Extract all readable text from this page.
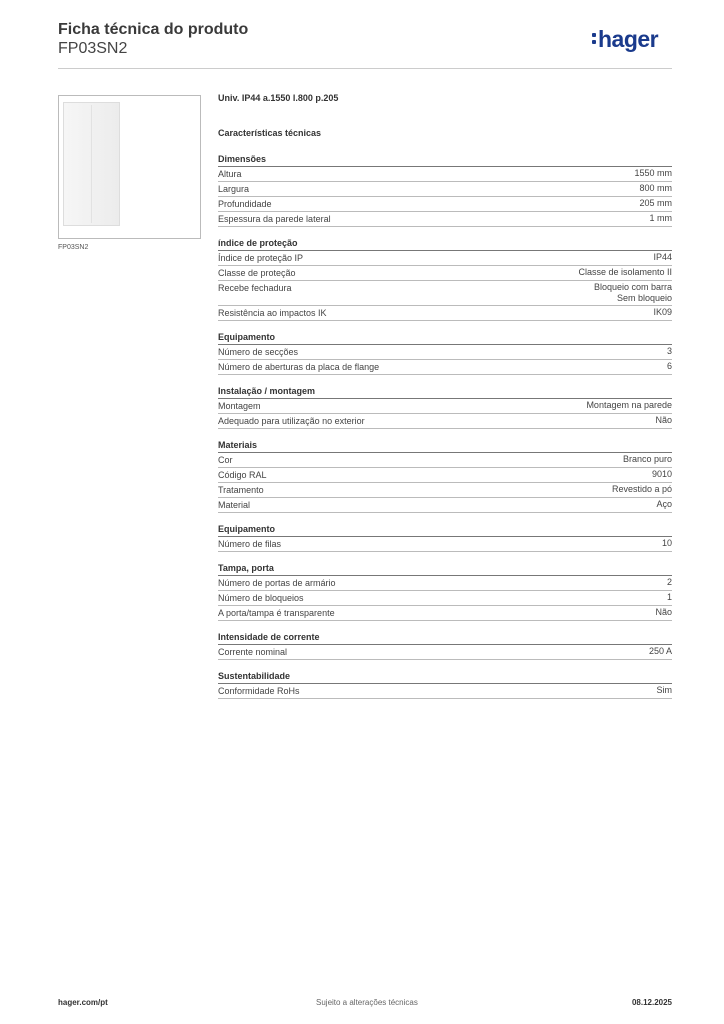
Ficha técnica do produto
FP03SN2	hager
FP03SN2
Univ. IP44 a.1550 l.800 p.205
Características técnicas
Dimensões
Altura	1550 mm
Largura	800 mm
Profundidade	205 mm
Espessura da parede lateral	1 mm
índice de proteção
Índice de proteção IP	IP44
Classe de proteção	Classe de isolamento II
Recebe fechadura	Bloqueio com barra
Sem bloqueio
Resistência ao impactos IK	IK09
Equipamento
Número de secções	3
Número de aberturas da placa de flange	6
Instalação / montagem
Montagem	Montagem na parede
Adequado para utilização no exterior	Não
Materiais
Cor	Branco puro
Código RAL	9010
Tratamento	Revestido a pó
Material	Aço
Equipamento
Número de filas	10
Tampa, porta
Número de portas de armário	2
Número de bloqueios	1
A porta/tampa é transparente	Não
Intensidade de corrente
Corrente nominal	250 A
Sustentabilidade
Conformidade RoHs	Sim
hager.com/pt	Sujeito a alterações técnicas	08.12.2025
